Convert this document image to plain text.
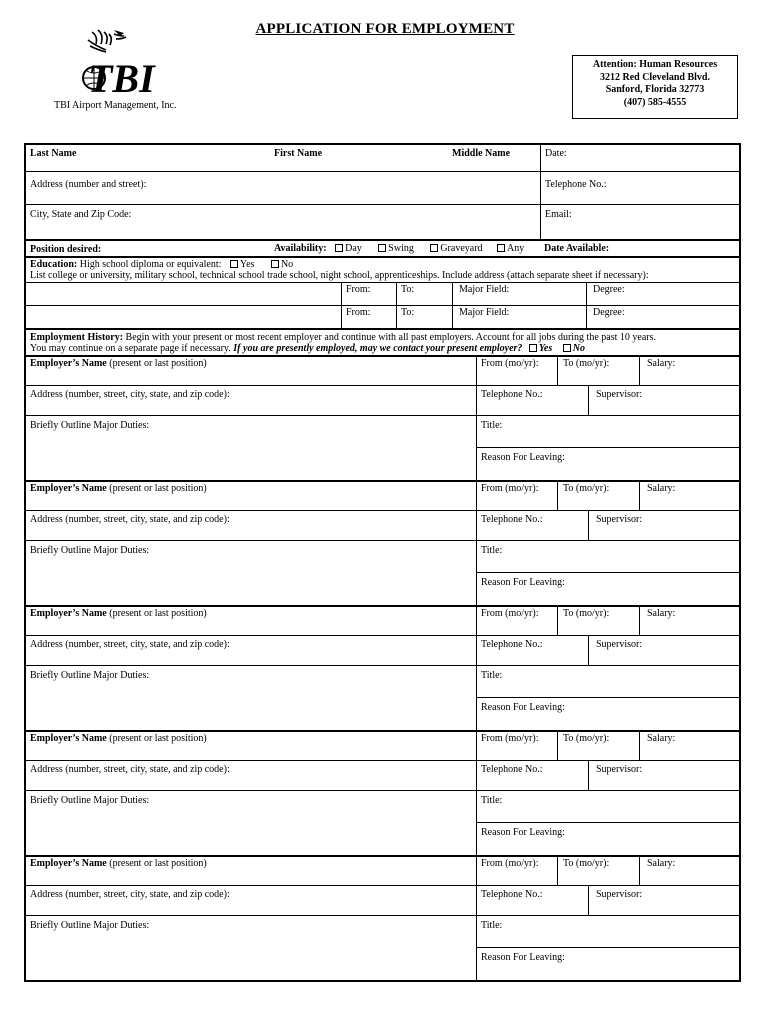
APPLICATION FOR EMPLOYMENT
TBI
TBI Airport Management, Inc.
Attention: Human Resources
3212 Red Cleveland Blvd.
Sanford, Florida 32773
(407) 585-4555
Last Name	First Name	Middle Name	Date:
Address (number and street):	Telephone No.:
City, State and Zip Code:	Email:
Position desired:	Availability: Day	Swing	Graveyard Any Date Available:
Education: High school diploma or equivalent: Yes	No
List college or university, military school, technical school trade school, night school, apprenticeships. Include address (attach separate sheet if necessary):
From:	To:	Major Field:	Degree:
From:	To:	Major Field:	Degree:
Employment History: Begin with your present or most recent employer and continue with all past employers. Account for all jobs during the past 10 years.
You may continue on a separate page if necessary. If you are presently employed, may we contact your present employer? Yes No
Employer’s Name (present or last position)	From (mo/yr): To (mo/yr):	Salary:
Address (number, street, city, state, and zip code):	Telephone No.:	Supervisor:
Briefly Outline Major Duties:	Title:
Reason For Leaving:
Employer’s Name (present or last position)	From (mo/yr): To (mo/yr):	Salary:
Address (number, street, city, state, and zip code):	Telephone No.:	Supervisor:
Briefly Outline Major Duties:	Title:
Reason For Leaving:
Employer’s Name (present or last position)	From (mo/yr): To (mo/yr):	Salary:
Address (number, street, city, state, and zip code):	Telephone No.:	Supervisor:
Briefly Outline Major Duties:	Title:
Reason For Leaving:
Employer’s Name (present or last position)	From (mo/yr): To (mo/yr):	Salary:
Address (number, street, city, state, and zip code):	Telephone No.:	Supervisor:
Briefly Outline Major Duties:	Title:
Reason For Leaving:
Employer’s Name (present or last position)	From (mo/yr): To (mo/yr):	Salary:
Address (number, street, city, state, and zip code):	Telephone No.:	Supervisor:
Briefly Outline Major Duties:	Title:
Reason For Leaving:
